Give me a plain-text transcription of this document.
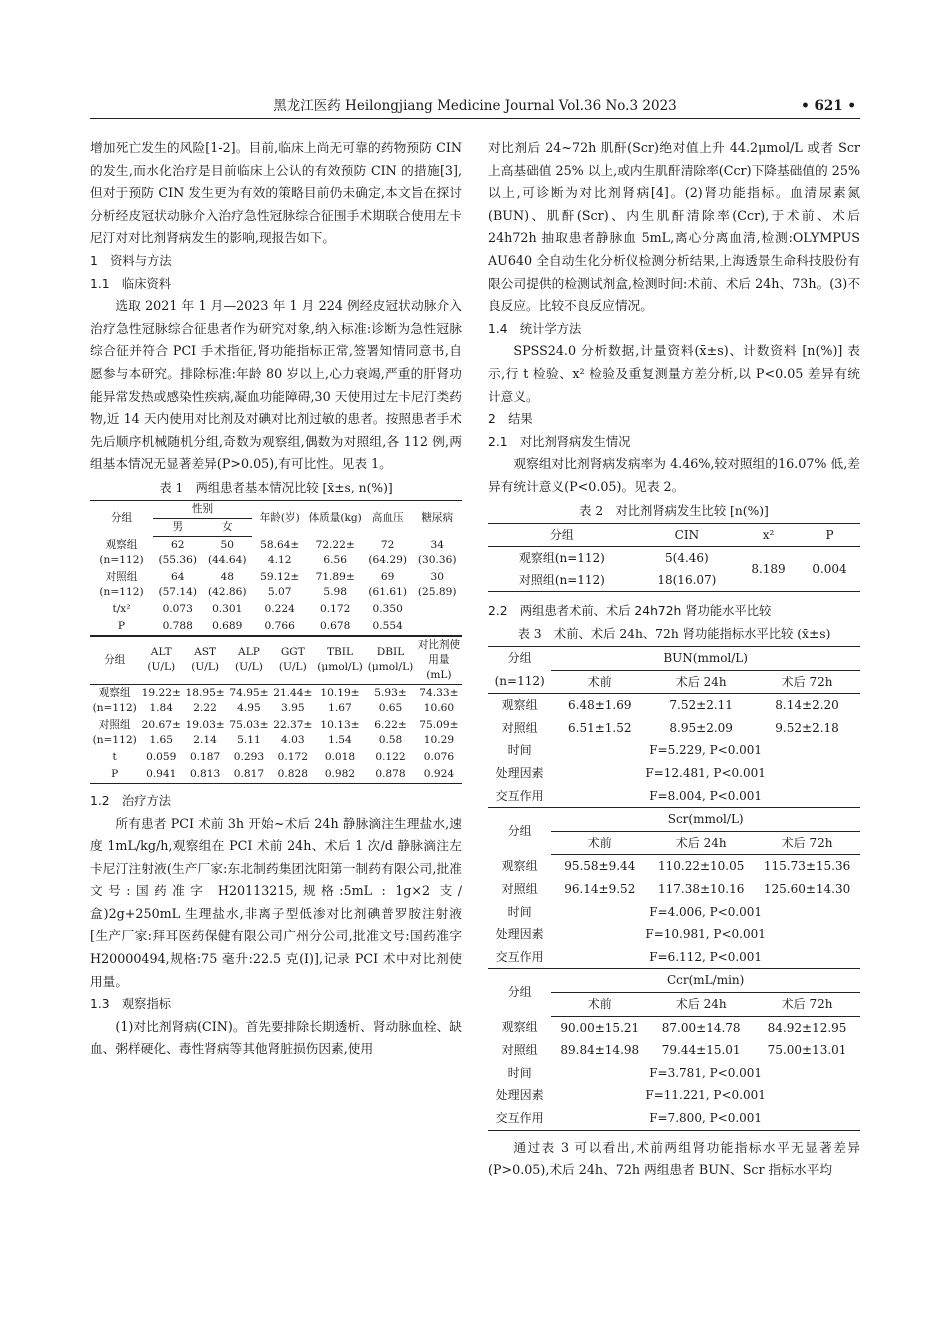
黑龙江医药 Heilongjiang Medicine Journal Vol.36 No.3 2023	• 621 •

增加死亡发生的风险[1-2]。目前,临床上尚无可靠的药物预防 CIN 的发生,而水化治疗是目前临床上公认的有效预防 CIN 的措施[3],但对于预防 CIN 发生更为有效的策略目前仍未确定,本文旨在探讨分析经皮冠状动脉介入治疗急性冠脉综合征围手术期联合使用左卡尼汀对对比剂肾病发生的影响,现报告如下。

1　资料与方法

1.1　临床资料

选取 2021 年 1 月—2023 年 1 月 224 例经皮冠状动脉介入治疗急性冠脉综合征患者作为研究对象,纳入标准:诊断为急性冠脉综合征并符合 PCI 手术指征,肾功能指标正常,签署知情同意书,自愿参与本研究。排除标准:年龄 80 岁以上,心力衰竭,严重的肝肾功能异常发热或感染性疾病,凝血功能障碍,30 天使用过左卡尼汀类药物,近 14 天内使用对比剂及对碘对比剂过敏的患者。按照患者手术先后顺序机械随机分组,奇数为观察组,偶数为对照组,各 112 例,两组基本情况无显著差异(P>0.05),有可比性。见表 1。

表 1　两组患者基本情况比较 [x̄±s, n(%)]
分组	性别		年龄(岁)	体质量(kg)	高血压	糖尿病
	男	女				

观察组(n=112)	62 (55.36)	50 (44.64)	58.64± 4.12	72.22± 6.56	72 (64.29)	34 (30.36)
对照组(n=112)	64 (57.14)	48 (42.86)	59.12± 5.07	71.89± 5.98	69 (61.61)	30 (25.89)
t/x²	0.073	0.301	0.224	0.172	0.350	
P	0.788	0.689	0.766	0.678	0.554	
分组	ALT (U/L)	AST (U/L)	ALP (U/L)	GGT (U/L)	TBIL (μmol/L)	DBIL (μmol/L)	对比剂使用量(mL)
观察组(n=112)	19.22± 1.84	18.95± 2.22	74.95± 4.95	21.44± 3.95	10.19± 1.67	5.93± 0.65	74.33± 10.60
对照组(n=112)	20.67± 1.65	19.03± 2.14	75.03± 5.11	22.37± 4.03	10.13± 1.54	6.22± 0.58	75.09± 10.29
t	0.059	0.187	0.293	0.172	0.018	0.122	0.076
P	0.941	0.813	0.817	0.828	0.982	0.878	0.924

1.2　治疗方法

所有患者 PCI 术前 3h 开始~术后 24h 静脉滴注生理盐水,速度 1mL/kg/h,观察组在 PCI 术前 24h、术后 1 次/d 静脉滴注左卡尼汀注射液(生产厂家:东北制药集团沈阳第一制药有限公司,批准文号:国药准字 H20113215,规格:5mL : 1g×2 支/盒)2g+250mL 生理盐水,非离子型低渗对比剂碘普罗胺注射液 [生产厂家:拜耳医药保健有限公司广州分公司,批准文号:国药准字 H20000494,规格:75 毫升:22.5 克(I)],记录 PCI 术中对比剂使用量。

1.3　观察指标

(1)对比剂肾病(CIN)。首先要排除长期透析、肾动脉血栓、缺血、粥样硬化、毒性肾病等其他肾脏损伤因素,使用

对比剂后 24~72h 肌酐(Scr)绝对值上升 44.2μmol/L 或者 Scr 上高基础值 25% 以上,或内生肌酐清除率(Ccr)下降基础值的 25% 以上,可诊断为对比剂肾病[4]。(2)肾功能指标。血清尿素氮(BUN)、肌酐(Scr)、内生肌酐清除率(Ccr),于术前、术后 24h72h 抽取患者静脉血 5mL,离心分离血清,检测:OLYMPUS AU640 全自动生化分析仪检测分析结果,上海透景生命科技股份有限公司提供的检测试剂盒,检测时间:术前、术后 24h、73h。(3)不良反应。比较不良反应情况。

1.4　统计学方法

SPSS24.0 分析数据,计量资料(x̄±s)、计数资料 [n(%)] 表示,行 t 检验、x² 检验及重复测量方差分析,以 P<0.05 差异有统计意义。

2　结果

2.1　对比剂肾病发生情况

观察组对比剂肾病发病率为 4.46%,较对照组的16.07% 低,差异有统计意义(P<0.05)。见表 2。

表 2　对比剂肾病发生比较 [n(%)]
分组	CIN	x²	P
观察组(n=112)	5(4.46)	8.189	0.004
对照组(n=112)	18(16.07)		

2.2　两组患者术前、术后 24h72h 肾功能水平比较

表 3　术前、术后 24h、72h 肾功能指标水平比较 (x̄±s)
分组	BUN(mmol/L)		
(n=112)	术前	术后 24h	术后 72h
观察组	6.48±1.69	7.52±2.11	8.14±2.20
对照组	6.51±1.52	8.95±2.09	9.52±2.18
时间	F=5.229, P<0.001		
处理因素	F=12.481, P<0.001		
交互作用	F=8.004, P<0.001		
分组	Scr(mmol/L)		
	术前	术后 24h	术后 72h
观察组	95.58±9.44	110.22±10.05	115.73±15.36
对照组	96.14±9.52	117.38±10.16	125.60±14.30
时间	F=4.006, P<0.001		
处理因素	F=10.981, P<0.001		
交互作用	F=6.112, P<0.001		
分组	Ccr(mL/min)		
	术前	术后 24h	术后 72h
观察组	90.00±15.21	87.00±14.78	84.92±12.95
对照组	89.84±14.98	79.44±15.01	75.00±13.01
时间	F=3.781, P<0.001		
处理因素	F=11.221, P<0.001		
交互作用	F=7.800, P<0.001		

通过表 3 可以看出,术前两组肾功能指标水平无显著差异(P>0.05),术后 24h、72h 两组患者 BUN、Scr 指标水平均
